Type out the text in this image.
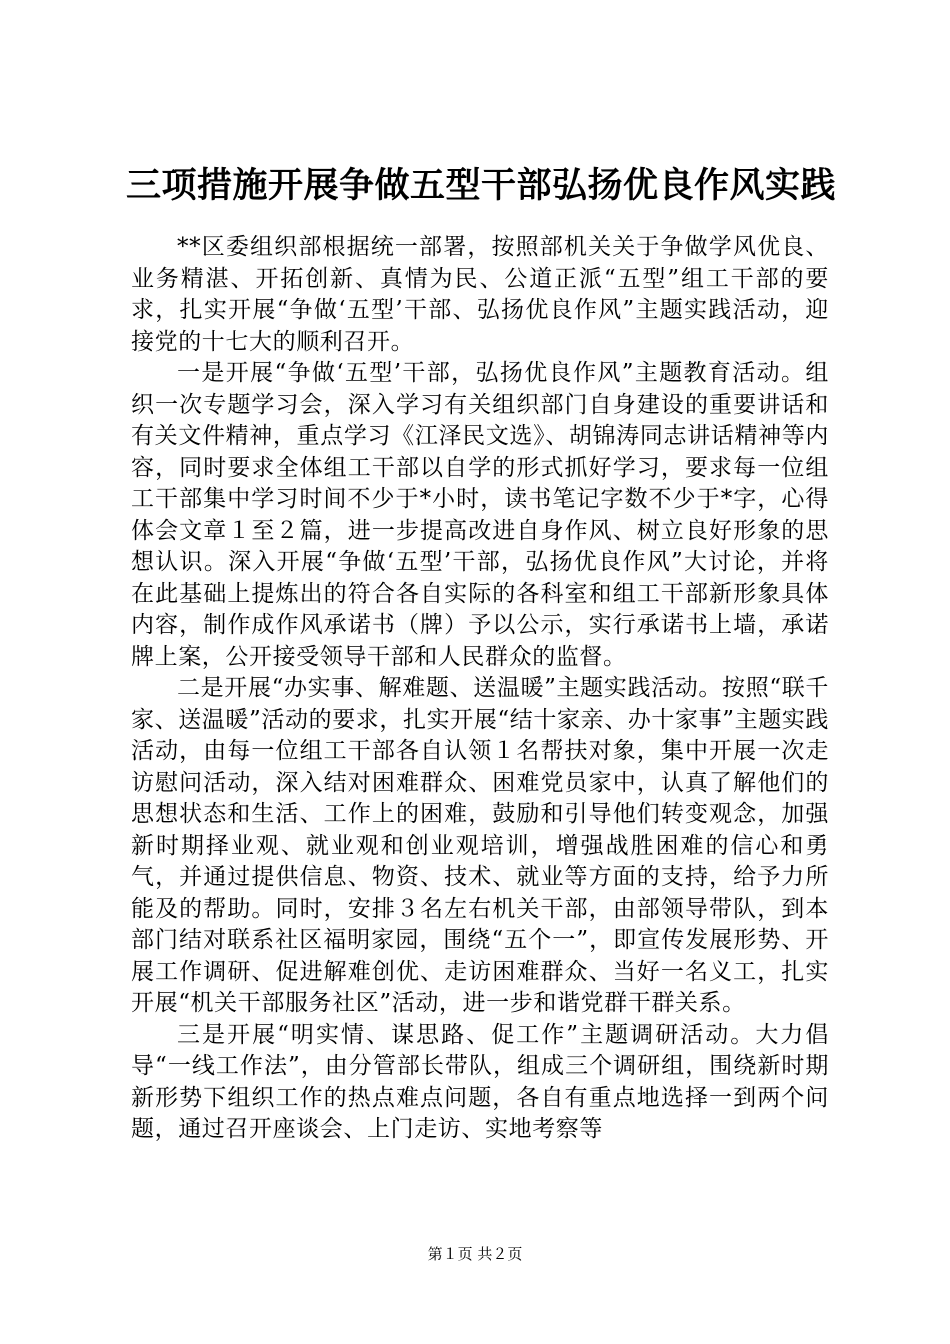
三项措施开展争做五型干部弘扬优良作风实践

**区委组织部根据统一部署，按照部机关关于争做学风优良、业务精湛、开拓创新、真情为民、公道正派“五型”组工干部的要求，扎实开展“争做‘五型’干部、弘扬优良作风”主题实践活动，迎接党的十七大的顺利召开。

一是开展“争做‘五型’干部，弘扬优良作风”主题教育活动。组织一次专题学习会，深入学习有关组织部门自身建设的重要讲话和有关文件精神，重点学习《江泽民文选》、胡锦涛同志讲话精神等内容，同时要求全体组工干部以自学的形式抓好学习，要求每一位组工干部集中学习时间不少于*小时，读书笔记字数不少于*字，心得体会文章１至２篇，进一步提高改进自身作风、树立良好形象的思想认识。深入开展“争做‘五型’干部，弘扬优良作风”大讨论，并将在此基础上提炼出的符合各自实际的各科室和组工干部新形象具体内容，制作成作风承诺书（牌）予以公示，实行承诺书上墙，承诺牌上案，公开接受领导干部和人民群众的监督。

二是开展“办实事、解难题、送温暖”主题实践活动。按照“联千家、送温暖”活动的要求，扎实开展“结十家亲、办十家事”主题实践活动，由每一位组工干部各自认领１名帮扶对象，集中开展一次走访慰问活动，深入结对困难群众、困难党员家中，认真了解他们的思想状态和生活、工作上的困难，鼓励和引导他们转变观念，加强新时期择业观、就业观和创业观培训，增强战胜困难的信心和勇气，并通过提供信息、物资、技术、就业等方面的支持，给予力所能及的帮助。同时，安排３名左右机关干部，由部领导带队，到本部门结对联系社区福明家园，围绕“五个一”，即宣传发展形势、开展工作调研、促进解难创优、走访困难群众、当好一名义工，扎实开展“机关干部服务社区”活动，进一步和谐党群干群关系。

三是开展“明实情、谋思路、促工作”主题调研活动。大力倡导“一线工作法”，由分管部长带队，组成三个调研组，围绕新时期新形势下组织工作的热点难点问题，各自有重点地选择一到两个问题，通过召开座谈会、上门走访、实地考察等

第１页 共２页
